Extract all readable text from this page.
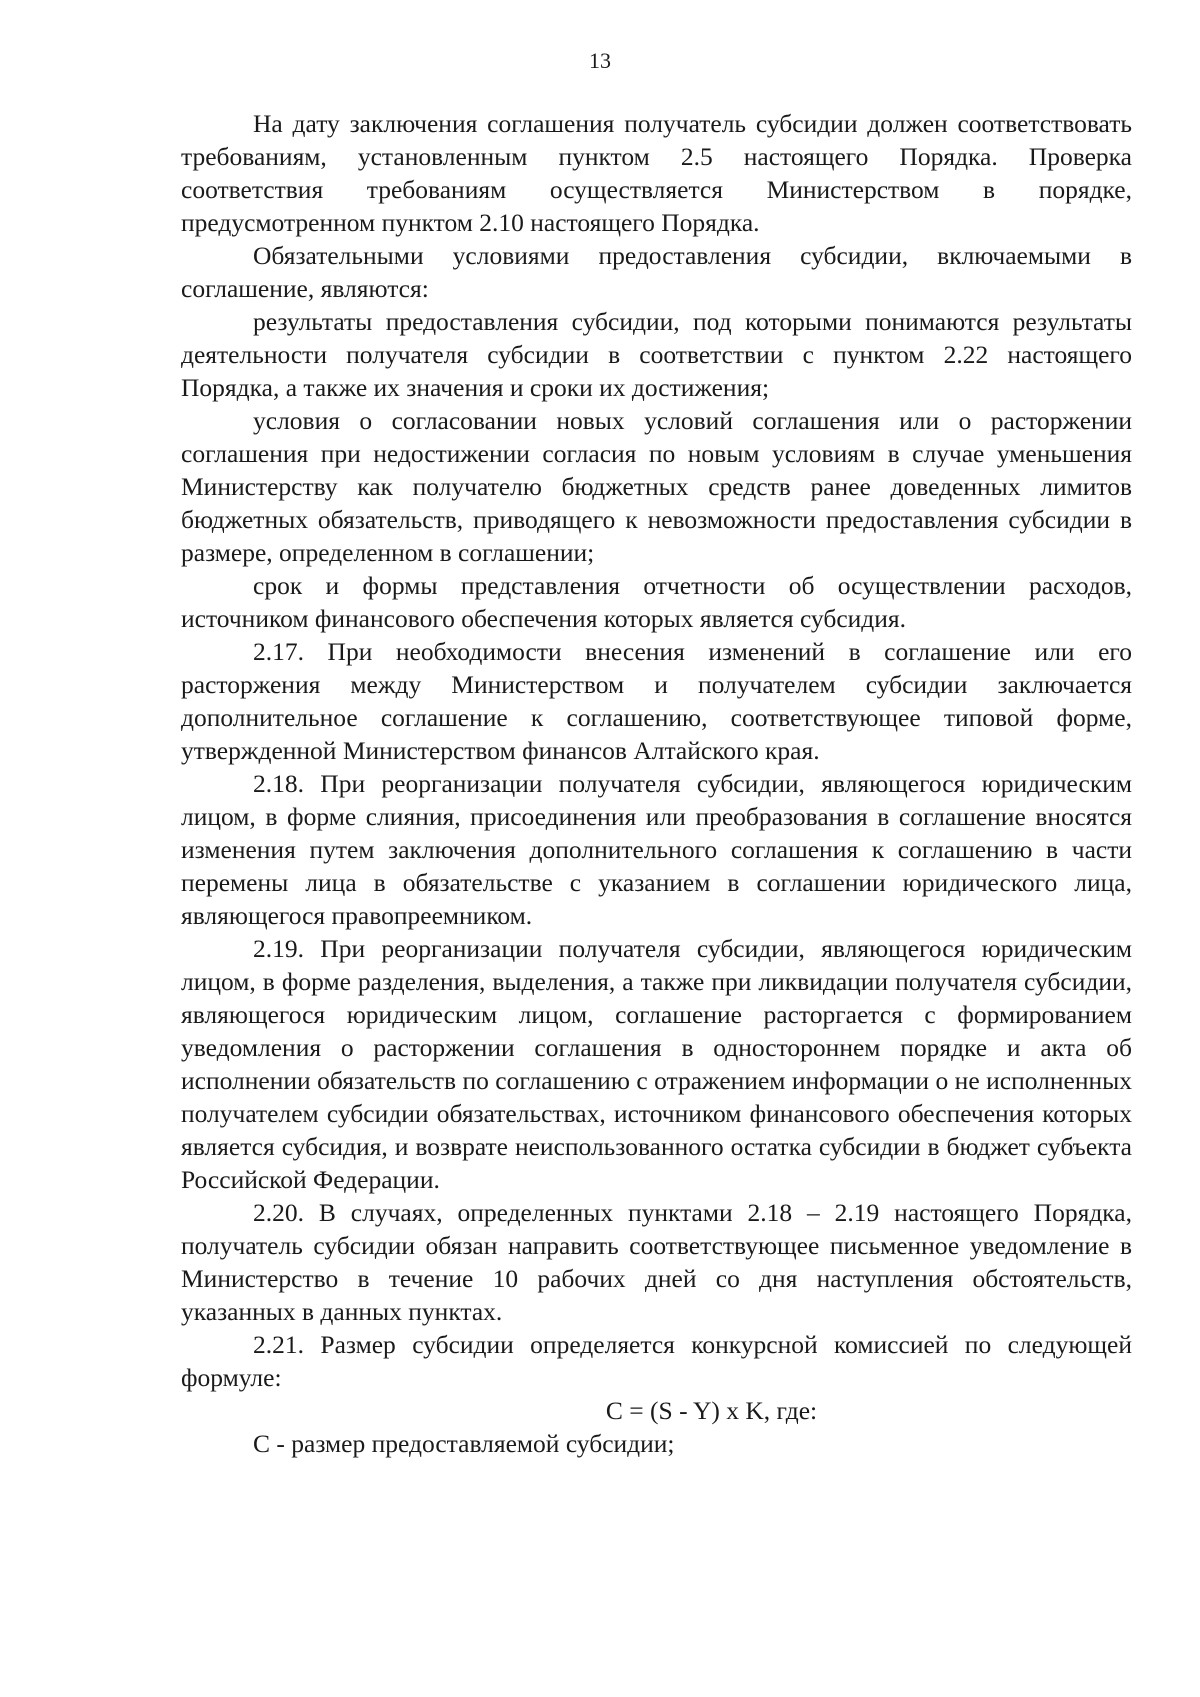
13

На дату заключения соглашения получатель субсидии должен соответствовать требованиям, установленным пунктом 2.5 настоящего Порядка. Проверка соответствия требованиям осуществляется Министерством в порядке, предусмотренном пунктом 2.10 настоящего Порядка.

Обязательными условиями предоставления субсидии, включаемыми в соглашение, являются:

результаты предоставления субсидии, под которыми понимаются результаты деятельности получателя субсидии в соответствии с пунктом 2.22 настоящего Порядка, а также их значения и сроки их достижения;

условия о согласовании новых условий соглашения или о расторжении соглашения при недостижении согласия по новым условиям в случае уменьшения Министерству как получателю бюджетных средств ранее доведенных лимитов бюджетных обязательств, приводящего к невозможности предоставления субсидии в размере, определенном в соглашении;

срок и формы представления отчетности об осуществлении расходов, источником финансового обеспечения которых является субсидия.

2.17. При необходимости внесения изменений в соглашение или его расторжения между Министерством и получателем субсидии заключается дополнительное соглашение к соглашению, соответствующее типовой форме, утвержденной Министерством финансов Алтайского края.

2.18. При реорганизации получателя субсидии, являющегося юридическим лицом, в форме слияния, присоединения или преобразования в соглашение вносятся изменения путем заключения дополнительного соглашения к соглашению в части перемены лица в обязательстве с указанием в соглашении юридического лица, являющегося правопреемником.

2.19. При реорганизации получателя субсидии, являющегося юридическим лицом, в форме разделения, выделения, а также при ликвидации получателя субсидии, являющегося юридическим лицом, соглашение расторгается с формированием уведомления о расторжении соглашения в одностороннем порядке и акта об исполнении обязательств по соглашению с отражением информации о не исполненных получателем субсидии обязательствах, источником финансового обеспечения которых является субсидия, и возврате неиспользованного остатка субсидии в бюджет субъекта Российской Федерации.

2.20. В случаях, определенных пунктами 2.18 – 2.19 настоящего Порядка, получатель субсидии обязан направить соответствующее письменное уведомление в Министерство в течение 10 рабочих дней со дня наступления обстоятельств, указанных в данных пунктах.

2.21. Размер субсидии определяется конкурсной комиссией по следующей формуле:

С = (S - Y) x K, где:

С - размер предоставляемой субсидии;
